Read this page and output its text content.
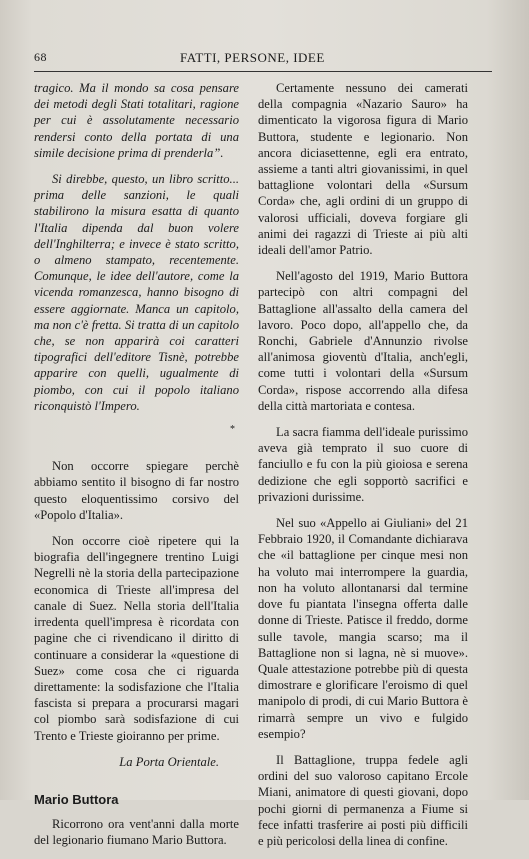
68	FATTI, PERSONE, IDEE

tragico. Ma il mondo sa cosa pensare dei metodi degli Stati totalitari, ragione per cui è assolutamente necessario rendersi conto della portata di una simile decisione prima di prenderla”.

Si direbbe, questo, un libro scritto... prima delle sanzioni, le quali stabilirono la misura esatta di quanto l'Italia dipenda dal buon volere dell'Inghilterra; e invece è stato scritto, o almeno stampato, recentemente. Comunque, le idee dell'autore, come la vicenda romanzesca, hanno bisogno di essere aggiornate. Manca un capitolo, ma non c'è fretta. Si tratta di un capitolo che, se non apparirà coi caratteri tipografici dell'editore Tisnè, potrebbe apparire con quelli, ugualmente di piombo, con cui il popolo italiano riconquistò l'Impero.

*

Non occorre spiegare perchè abbiamo sentito il bisogno di far nostro questo eloquentissimo corsivo del «Popolo d'Italia».

Non occorre cioè ripetere qui la biografia dell'ingegnere trentino Luigi Negrelli nè la storia della partecipazione economica di Trieste all'impresa del canale di Suez. Nella storia dell'Italia irredenta quell'impresa è ricordata con pagine che ci rivendicano il diritto di continuare a considerar la «questione di Suez» come cosa che ci riguarda direttamente: la sodisfazione che l'Italia fascista si prepara a procurarsi magari col piombo sarà sodisfazione di cui Trento e Trieste gioiranno per prime.

La Porta Orientale.
Mario Buttora

Ricorrono ora vent'anni dalla morte del legionario fiumano Mario Buttora.

Certamente nessuno dei camerati della compagnia «Nazario Sauro» ha dimenticato la vigorosa figura di Mario Buttora, studente e legionario. Non ancora diciasettenne, egli era entrato, assieme a tanti altri giovanissimi, in quel battaglione volontari della «Sursum Corda» che, agli ordini di un gruppo di valorosi ufficiali, doveva forgiare gli animi dei ragazzi di Trieste ai più alti ideali dell'amor Patrio.

Nell'agosto del 1919, Mario Buttora partecipò con altri compagni del Battaglione all'assalto della camera del lavoro. Poco dopo, all'appello che, da Ronchi, Gabriele d'Annunzio rivolse all'animosa gioventù d'Italia, anch'egli, come tutti i volontari della «Sursum Corda», rispose accorrendo alla difesa della città martoriata e contesa.

La sacra fiamma dell'ideale purissimo aveva già temprato il suo cuore di fanciullo e fu con la più gioiosa e serena dedizione che egli sopportò sacrifici e privazioni durissime.

Nel suo «Appello ai Giuliani» del 21 Febbraio 1920, il Comandante dichiarava che «il battaglione per cinque mesi non ha voluto mai interrompere la guardia, non ha voluto allontanarsi dal termine dove fu piantata l'insegna offerta dalle donne di Trieste. Patisce il freddo, dorme sulle tavole, mangia scarso; ma il Battaglione non si lagna, nè si muove». Quale attestazione potrebbe più di questa dimostrare e glorificare l'eroismo di quel manipolo di prodi, di cui Mario Buttora è rimarrà sempre un vivo e fulgido esempio?

Il Battaglione, truppa fedele agli ordini del suo valoroso capitano Ercole Miani, animatore di questi giovani, dopo pochi giorni di permanenza a Fiume si fece infatti trasferire ai posti più difficili e più pericolosi della linea di confine.
